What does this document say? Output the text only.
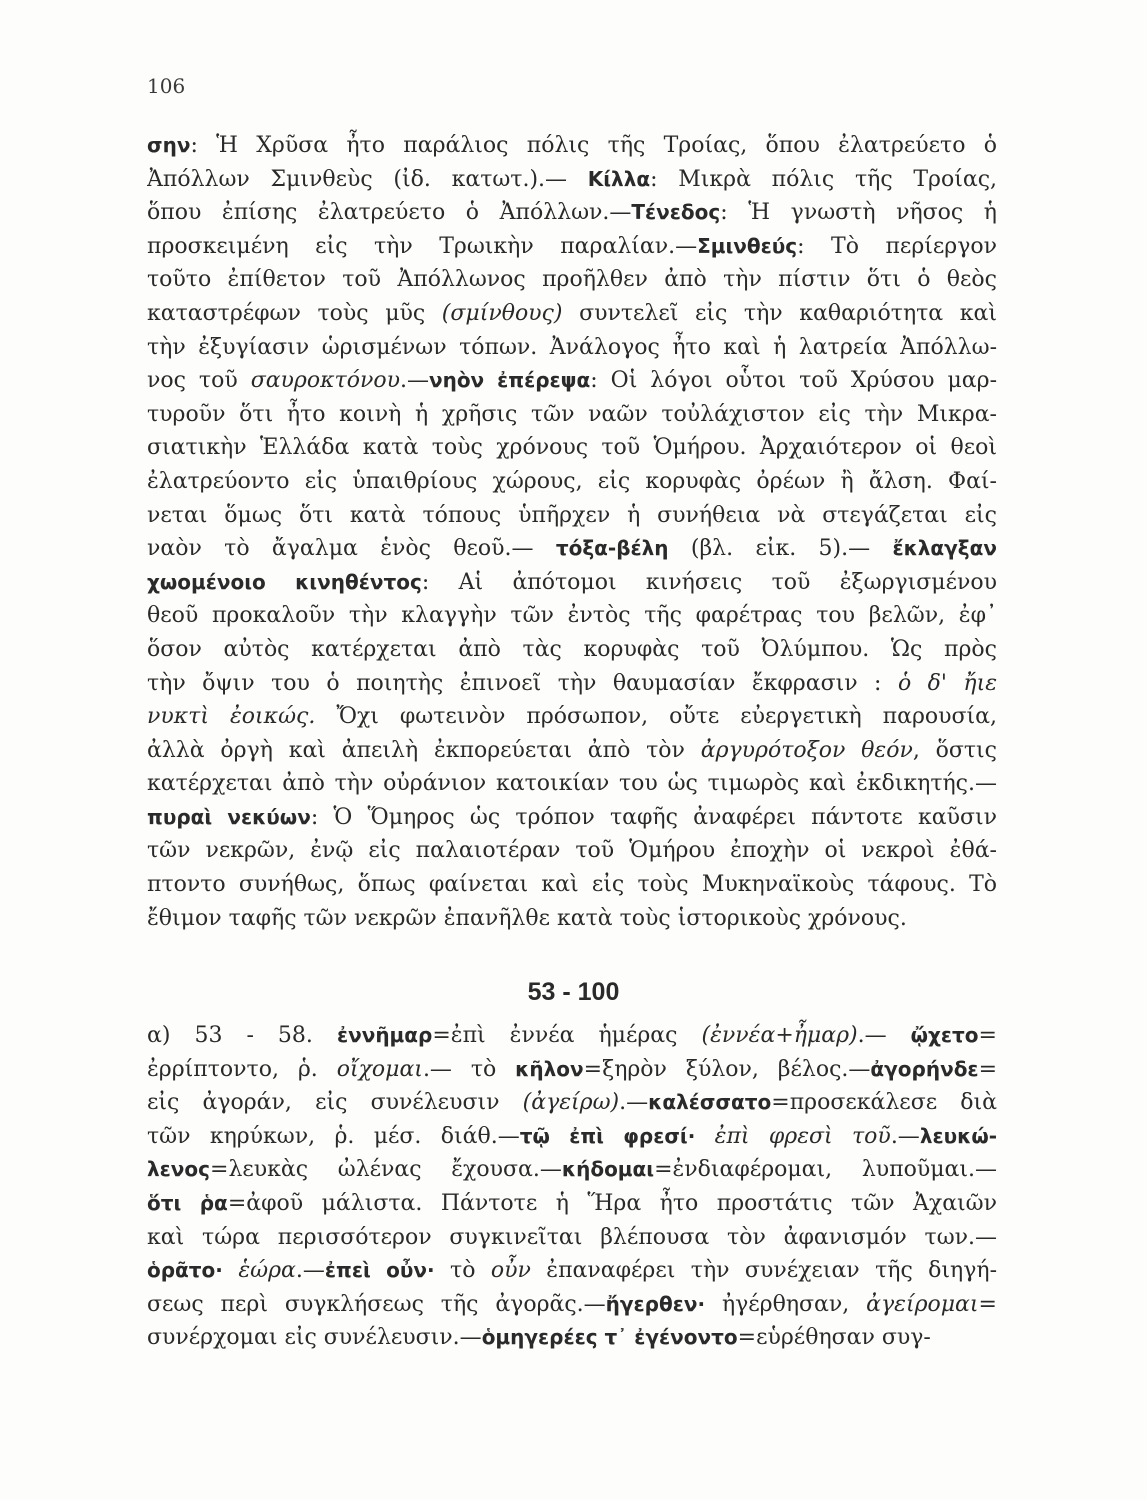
106
σην: Ἡ Χρῦσα ἦτο παράλιος πόλις τῆς Τροίας, ὅπου ἐλατρεύετο ὁ
Ἀπόλλων Σμινθεὺς (ἰδ. κατωτ.).— Κίλλα: Μικρὰ πόλις τῆς Τροίας,
ὅπου ἐπίσης ἐλατρεύετο ὁ Ἀπόλλων.—Τένεδος: Ἡ γνωστὴ νῆσος ἡ
προσκειμένη εἰς τὴν Τρωικὴν παραλίαν.—Σμινθεύς: Τὸ περίεργον
τοῦτο ἐπίθετον τοῦ Ἀπόλλωνος προῆλθεν ἀπὸ τὴν πίστιν ὅτι ὁ θεὸς
καταστρέφων τοὺς μῦς (σμίνθους) συντελεῖ εἰς τὴν καθαριότητα καὶ
τὴν ἐξυγίασιν ὡρισμένων τόπων. Ἀνάλογος ἦτο καὶ ἡ λατρεία Ἀπόλλω-
νος τοῦ σαυροκτόνου.—νηὸν ἐπέρεψα: Οἱ λόγοι οὗτοι τοῦ Χρύσου μαρ-
τυροῦν ὅτι ἦτο κοινὴ ἡ χρῆσις τῶν ναῶν τοὐλάχιστον εἰς τὴν Μικρα-
σιατικὴν Ἑλλάδα κατὰ τοὺς χρόνους τοῦ Ὁμήρου. Ἀρχαιότερον οἱ θεοὶ
ἐλατρεύοντο εἰς ὑπαιθρίους χώρους, εἰς κορυφὰς ὀρέων ἢ ἄλση. Φαί-
νεται ὅμως ὅτι κατὰ τόπους ὑπῆρχεν ἡ συνήθεια νὰ στεγάζεται εἰς
ναὸν τὸ ἄγαλμα ἑνὸς θεοῦ.— τόξα-βέλη (βλ. εἰκ. 5).— ἔκλαγξαν
χωομένοιο κινηθέντος: Αἱ ἀπότομοι κινήσεις τοῦ ἐξωργισμένου
θεοῦ προκαλοῦν τὴν κλαγγὴν τῶν ἐντὸς τῆς φαρέτρας του βελῶν, ἐφ᾽
ὅσον αὐτὸς κατέρχεται ἀπὸ τὰς κορυφὰς τοῦ Ὀλύμπου. Ὡς πρὸς
τὴν ὄψιν του ὁ ποιητὴς ἐπινοεῖ τὴν θαυμασίαν ἔκφρασιν : ὁ δ' ἤιε
νυκτὶ ἐοικώς. Ὄχι φωτεινὸν πρόσωπον, οὔτε εὐεργετικὴ παρουσία,
ἀλλὰ ὀργὴ καὶ ἀπειλὴ ἐκπορεύεται ἀπὸ τὸν ἀργυρότοξον θεόν, ὅστις
κατέρχεται ἀπὸ τὴν οὐράνιον κατοικίαν του ὡς τιμωρὸς καὶ ἐκδικητής.—
πυραὶ νεκύων: Ὁ Ὅμηρος ὡς τρόπον ταφῆς ἀναφέρει πάντοτε καῦσιν
τῶν νεκρῶν, ἐνῷ εἰς παλαιοτέραν τοῦ Ὁμήρου ἐποχὴν οἱ νεκροὶ ἐθά-
πτοντο συνήθως, ὅπως φαίνεται καὶ εἰς τοὺς Μυκηναϊκοὺς τάφους. Τὸ
ἔθιμον ταφῆς τῶν νεκρῶν ἐπανῆλθε κατὰ τοὺς ἱστορικοὺς χρόνους.
53 - 100
α) 53 - 58. ἐννῆμαρ=ἐπὶ ἐννέα ἡμέρας (ἐννέα+ἦμαρ).— ᾤχετο=
ἐρρίπτοντο, ῥ. οἴχομαι.— τὸ κῆλον=ξηρὸν ξύλον, βέλος.—ἀγορήνδε=
εἰς ἀγοράν, εἰς συνέλευσιν (ἀγείρω).—καλέσσατο=προσεκάλεσε διὰ
τῶν κηρύκων, ῥ. μέσ. διάθ.—τῷ ἐπὶ φρεσί· ἐπὶ φρεσὶ τοῦ.—λευκώ-
λενος=λευκὰς ὠλένας ἔχουσα.—κήδομαι=ἐνδιαφέρομαι, λυποῦμαι.—
ὅτι ῥα=ἀφοῦ μάλιστα. Πάντοτε ἡ Ἥρα ἦτο προστάτις τῶν Ἀχαιῶν
καὶ τώρα περισσότερον συγκινεῖται βλέπουσα τὸν ἀφανισμόν των.—
ὁρᾶτο· ἑώρα.—ἐπεὶ οὖν· τὸ οὖν ἐπαναφέρει τὴν συνέχειαν τῆς διηγή-
σεως περὶ συγκλήσεως τῆς ἀγορᾶς.—ἤγερθεν· ἠγέρθησαν, ἀγείρομαι=
συνέρχομαι εἰς συνέλευσιν.—ὁμηγερέες τ᾽ ἐγένοντο=εὑρέθησαν συγ-
